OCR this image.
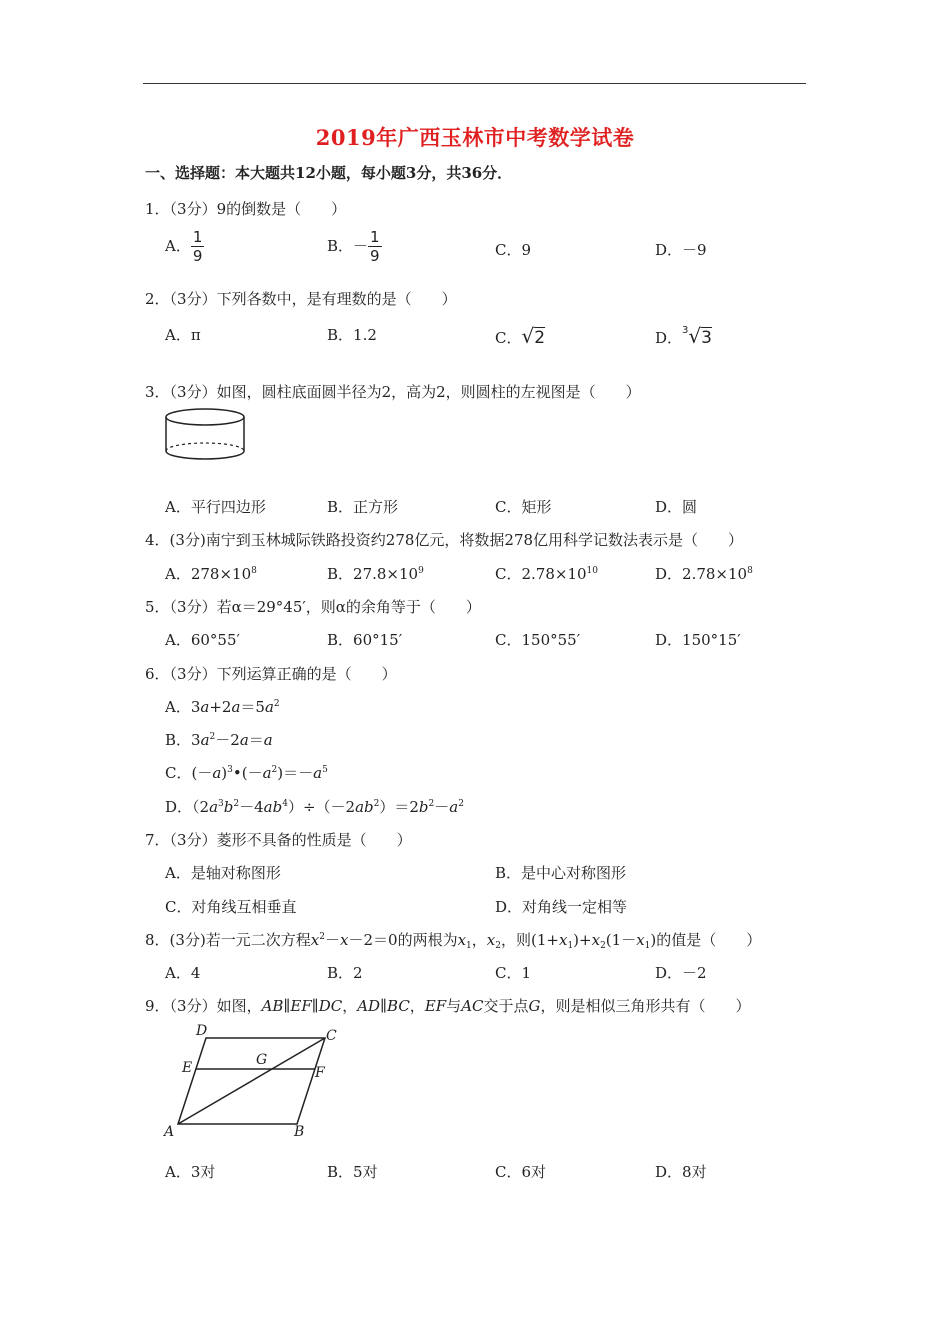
2019年广西玉林市中考数学试卷
一、选择题：本大题共12小题，每小题3分，共36分．
1．（3分）9的倒数是（　　）
A． $\frac{1}{9}$	B．－ $\frac{1}{9}$	C．9	D．－9
2．（3分）下列各数中，是有理数的是（　　）
A．π	B．1.2	C．√2	D．$^3$√3
3．（3分）如图，圆柱底面圆半径为2，高为2，则圆柱的左视图是（　　）
A．平行四边形	B．正方形	C．矩形	D．圆
4．(3分)南宁到玉林城际铁路投资约278亿元，将数据278亿用科学记数法表示是（　　）
A．$278\times 10^8$	B．$27.8\times 10^9$	C．$2.78\times 10^{10}$	D．$2.78\times 10^8$
5．（3分）若α＝29°45′，则α的余角等于（　　）
A．60°55′	B．60°15′	C．150°55′	D．150°15′
6．（3分）下列运算正确的是（　　）
A．$3a+2a=5a^2$
B．$3a^2-2a=a$
C．$(-a)^3•(-a^2)=-a^5$
D．$(2a^3b^2-4ab^4)\div(-2ab^2)=2b^2-a^2$
7．（3分）菱形不具备的性质是（　　）
A．是轴对称图形	B．是中心对称图形
C．对角线互相垂直	D．对角线一定相等
8．(3分)若一元二次方程$x^2-x-2=0$的两根为$x_1$，$x_2$，则$(1+x_1)+x_2(1-x_1)$的值是（　　）
A．4	B．2	C．1	D．－2
9．（3分）如图，AB∥EF∥DC，AD∥BC，EF与AC交于点G，则是相似三角形共有（　　）
D	C
E	G
F
A	B
A．3对	B．5对	C．6对	D．8对
